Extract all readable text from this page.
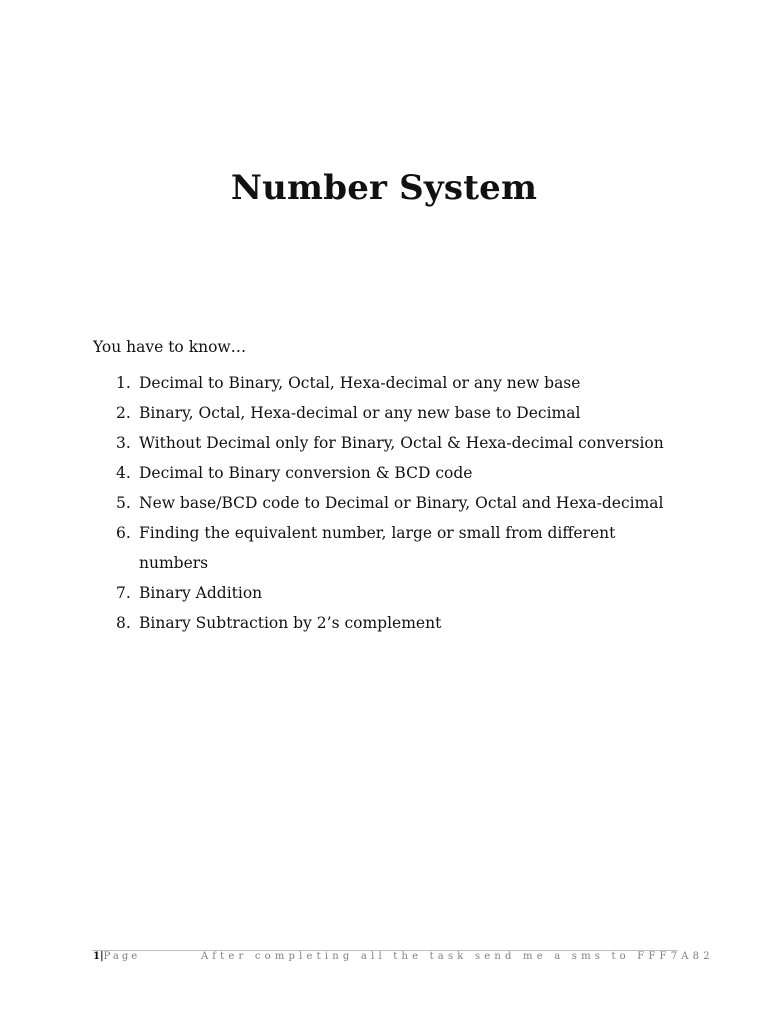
Number System

You have to know…

1. Decimal to Binary, Octal, Hexa-decimal or any new base
2. Binary, Octal, Hexa-decimal or any new base to Decimal
3. Without Decimal only for Binary, Octal & Hexa-decimal conversion
4. Decimal to Binary conversion & BCD code
5. New base/BCD code to Decimal or Binary, Octal and Hexa-decimal
6. Finding the equivalent number, large or small from different numbers
7. Binary Addition
8. Binary Subtraction by 2’s complement
1|Page	After completing all the task send me a sms to FFF7A82
